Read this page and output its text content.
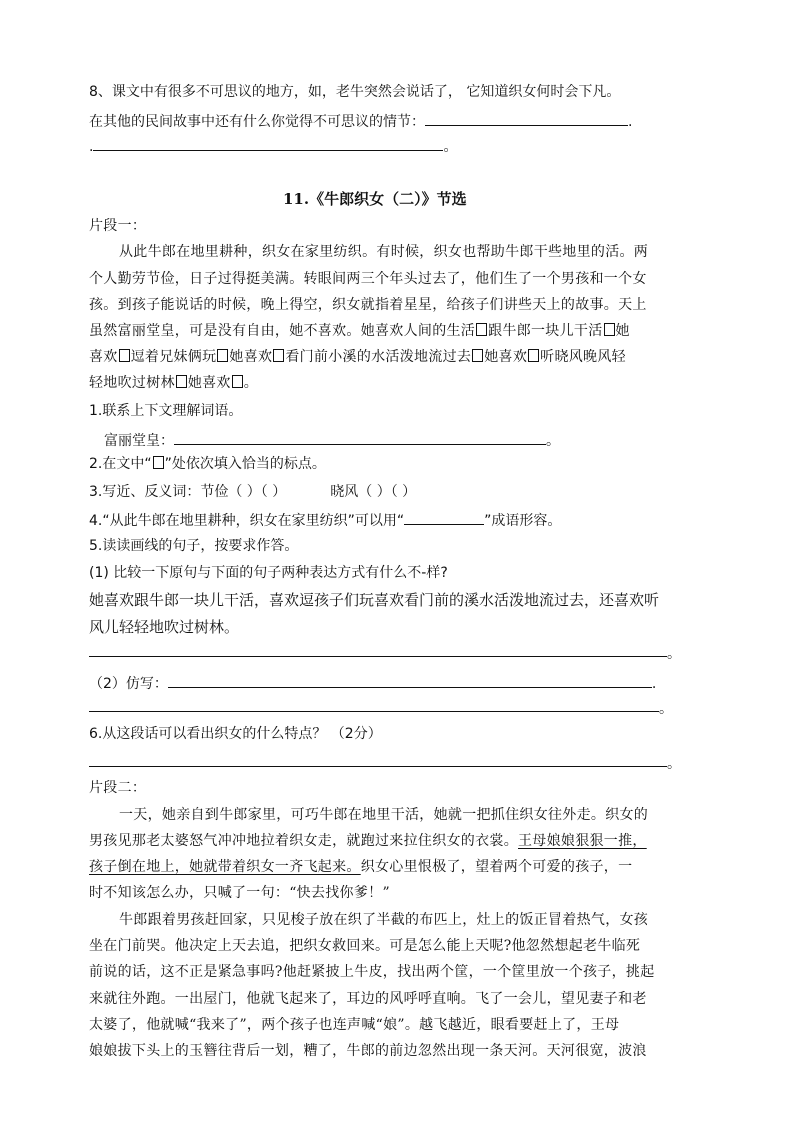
8、课文中有很多不可思议的地方，如，老牛突然会说话了， 它知道织女何时会下凡。
在其他的民间故事中还有什么你觉得不可思议的情节：	.
.	。
11.《牛郎织女（二）》节选
片段一：
从此牛郎在地里耕种，织女在家里纺织。有时候，织女也帮助牛郎干些地里的活。两
个人勤劳节俭，日子过得挺美满。转眼间两三个年头过去了，他们生了一个男孩和一个女
孩。到孩子能说话的时候，晚上得空，织女就指着星星，给孩子们讲些天上的故事。天上
虽然富丽堂皇，可是没有自由，她不喜欢。她喜欢人间的生活 跟牛郎一块儿干活 她
喜欢 逗着兄妹俩玩 她喜欢 看门前小溪的水活泼地流过去 她喜欢 听晓风晚风轻
轻地吹过树林 她喜欢 。
1.联系上下文理解词语。
富丽堂皇：	。
2.在文中“ ”处依次填入恰当的标点。
3.写近、反义词：节俭（ ）（ ）	晓风（ ）（ ）
4.“从此牛郎在地里耕种，织女在家里纺织”可以用“	”成语形容。
5.读读画线的句子，按要求作答。
(1) 比较一下原句与下面的句子两种表达方式有什么不-样?
她喜欢跟牛郎一块儿干活，喜欢逗孩子们玩喜欢看门前的溪水活泼地流过去，还喜欢听
风儿轻轻地吹过树林。
。
（2）仿写：	.
。
6.从这段话可以看出织女的什么特点？ （2分）
。
片段二：
一天，她亲自到牛郎家里，可巧牛郎在地里干活，她就一把抓住织女往外走。织女的
男孩见那老太婆怒气冲冲地拉着织女走，就跑过来拉住织女的衣裳。王母娘娘狠狠一推，
孩子倒在地上，她就带着织女一齐飞起来。织女心里恨极了，望着两个可爱的孩子，一
时不知该怎么办，只喊了一句：“快去找你爹！”
牛郎跟着男孩赶回家，只见梭子放在织了半截的布匹上，灶上的饭正冒着热气，女孩
坐在门前哭。他决定上天去追，把织女救回来。可是怎么能上天呢?他忽然想起老牛临死
前说的话，这不正是紧急事吗?他赶紧披上牛皮，找出两个筐，一个筐里放一个孩子，挑起
来就往外跑。一出屋门，他就飞起来了，耳边的风呼呼直响。飞了一会儿，望见妻子和老
太婆了，他就喊“我来了”，两个孩子也连声喊“娘”。越飞越近，眼看要赶上了，王母
娘娘拔下头上的玉簪往背后一划，糟了，牛郎的前边忽然出现一条天河。天河很宽，波浪
